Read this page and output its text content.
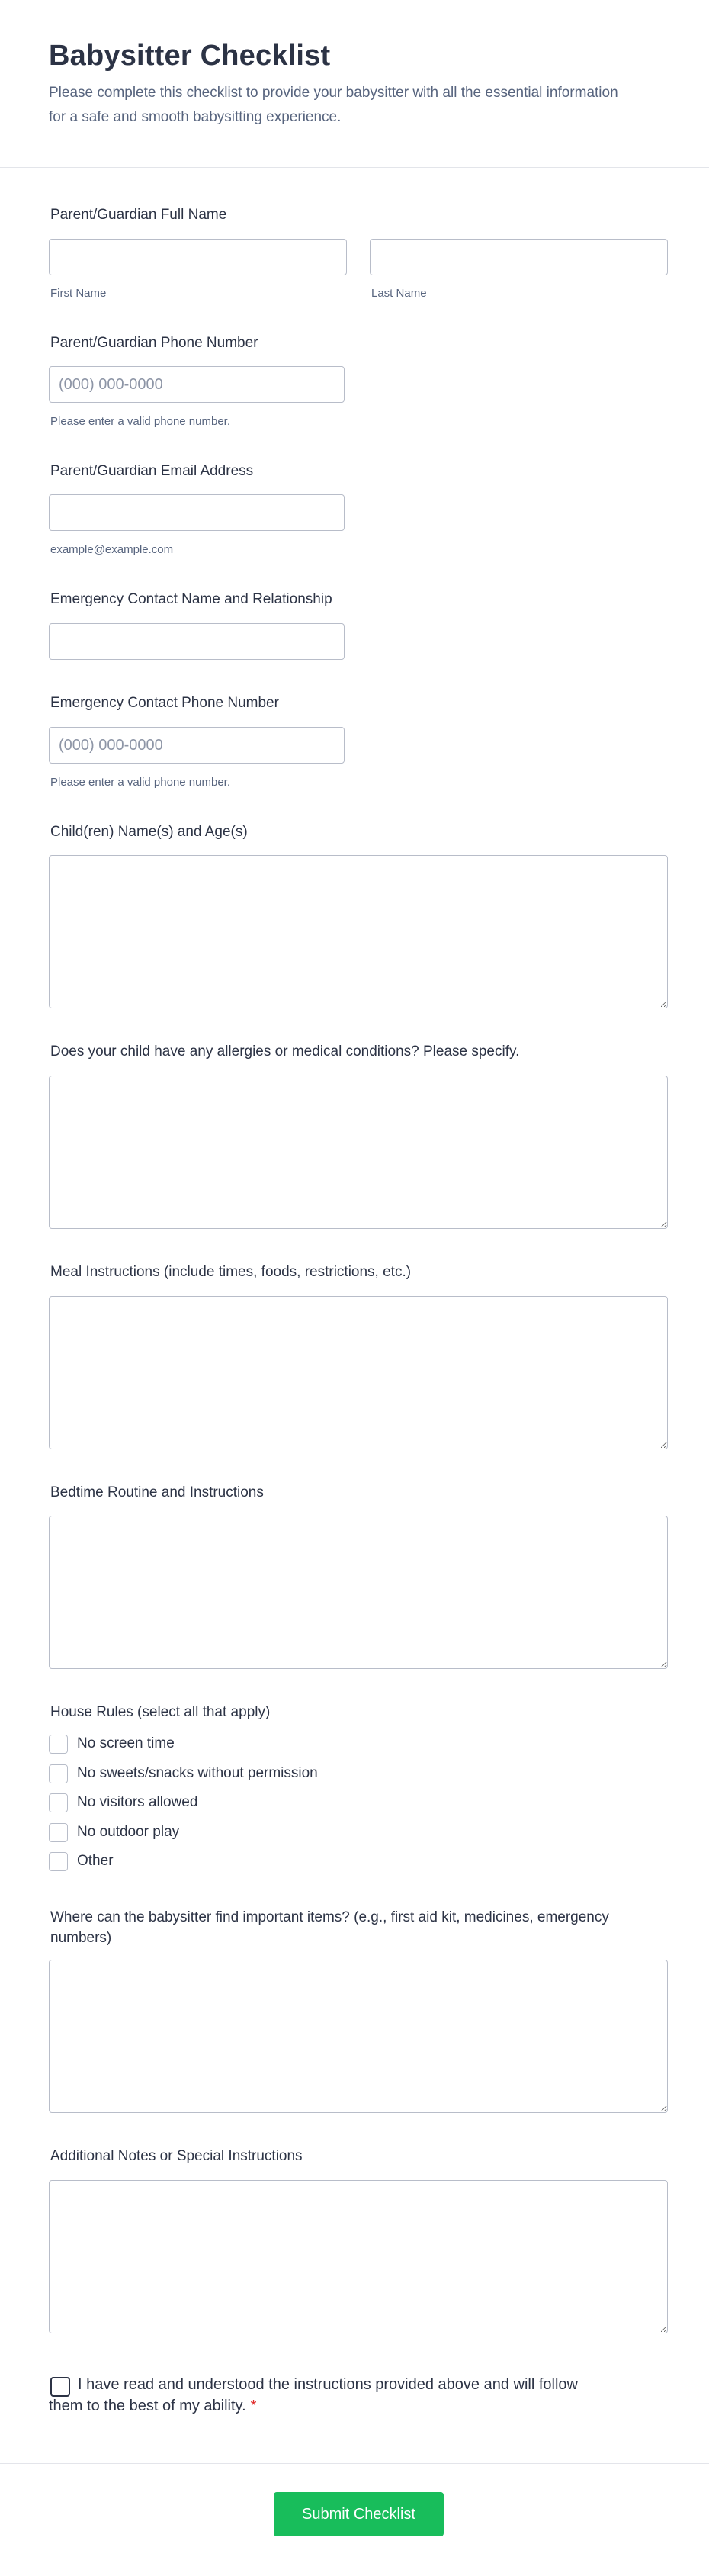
Babysitter Checklist

Please complete this checklist to provide your babysitter with all the essential information for a safe and smooth babysitting experience.

Parent/Guardian Full Name
First Name	Last Name
Parent/Guardian Phone Number
(000) 000-0000
Please enter a valid phone number.
Parent/Guardian Email Address
example@example.com
Emergency Contact Name and Relationship
Emergency Contact Phone Number
(000) 000-0000
Please enter a valid phone number.
Child(ren) Name(s) and Age(s)
Does your child have any allergies or medical conditions? Please specify.
Meal Instructions (include times, foods, restrictions, etc.)
Bedtime Routine and Instructions
House Rules (select all that apply)
No screen time
No sweets/snacks without permission
No visitors allowed
No outdoor play
Other
Where can the babysitter find important items? (e.g., first aid kit, medicines, emergency numbers)
Additional Notes or Special Instructions
I have read and understood the instructions provided above and will follow them to the best of my ability. *
Submit Checklist
